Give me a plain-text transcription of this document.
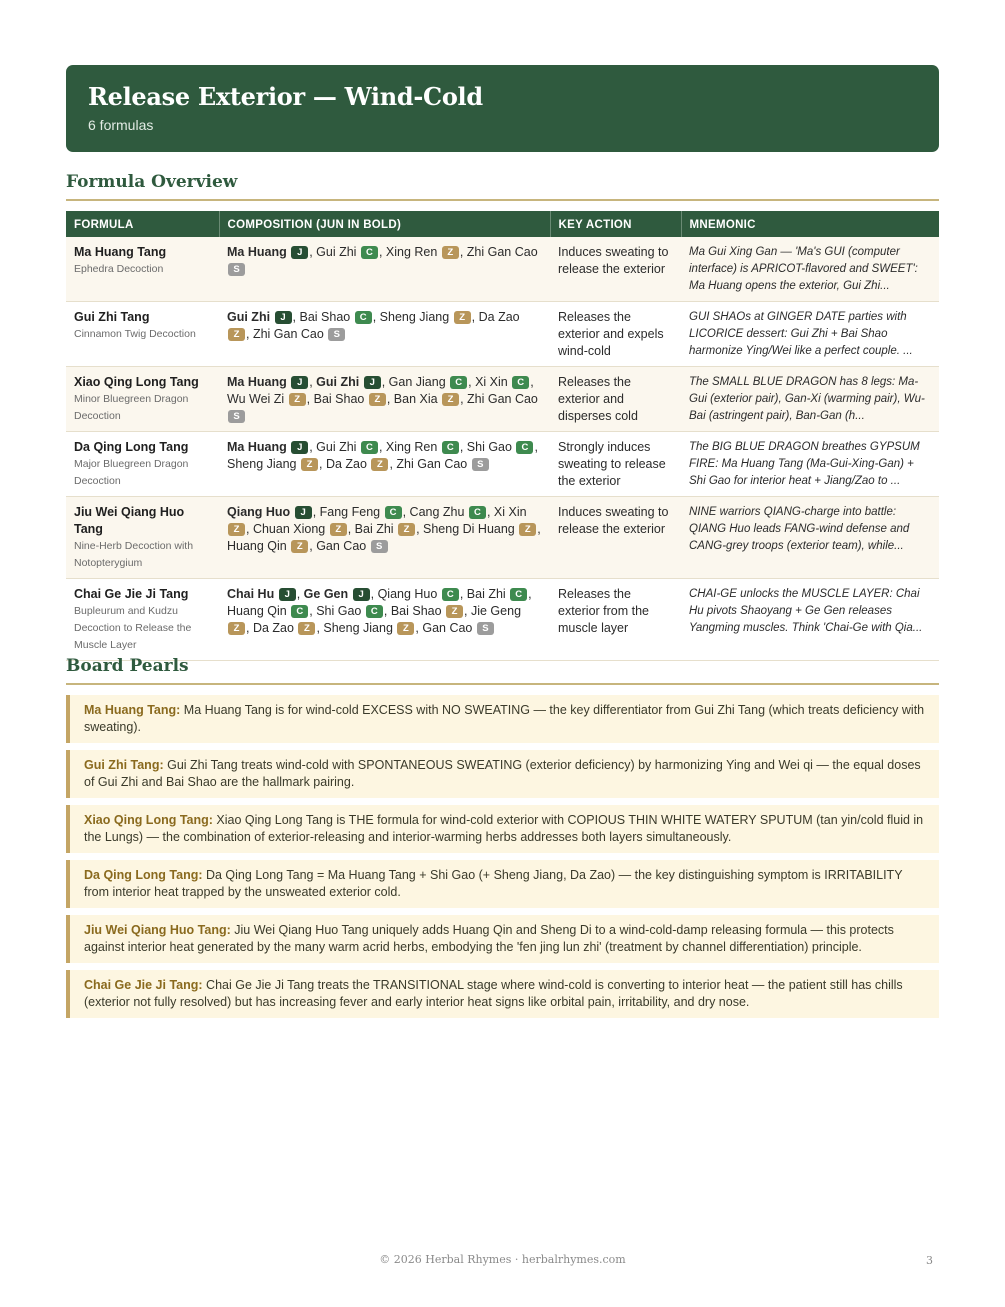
Release Exterior — Wind-Cold
6 formulas
Formula Overview
FORMULA	COMPOSITION (JUN IN BOLD)	KEY ACTION	MNEMONIC

Ma Huang Tang
Ephedra Decoction	Ma Huang J , Gui Zhi C , Xing Ren Z , Zhi Gan Cao S	Induces sweating to release the exterior	Ma Gui Xing Gan — 'Ma's GUI (computer interface) is APRICOT-flavored and SWEET': Ma Huang opens the exterior, Gui Zhi...

Gui Zhi Tang
Cinnamon Twig Decoction	Gui Zhi J , Bai Shao C , Sheng Jiang Z , Da Zao Z , Zhi Gan Cao S	Releases the exterior and expels wind-cold	GUI SHAOs at GINGER DATE parties with LICORICE dessert: Gui Zhi + Bai Shao harmonize Ying/Wei like a perfect couple. ...

Xiao Qing Long Tang
Minor Bluegreen Dragon Decoction	Ma Huang J , Gui Zhi J , Gan Jiang C , Xi Xin C , Wu Wei Zi Z , Bai Shao Z , Ban Xia Z , Zhi Gan Cao S	Releases the exterior and disperses cold	The SMALL BLUE DRAGON has 8 legs: Ma-Gui (exterior pair), Gan-Xi (warming pair), Wu-Bai (astringent pair), Ban-Gan (h...

Da Qing Long Tang
Major Bluegreen Dragon Decoction	Ma Huang J , Gui Zhi C , Xing Ren C , Shi Gao C , Sheng Jiang Z , Da Zao Z , Zhi Gan Cao S	Strongly induces sweating to release the exterior	The BIG BLUE DRAGON breathes GYPSUM FIRE: Ma Huang Tang (Ma-Gui-Xing-Gan) + Shi Gao for interior heat + Jiang/Zao to ...

Jiu Wei Qiang Huo Tang
Nine-Herb Decoction with Notopterygium	Qiang Huo J , Fang Feng C , Cang Zhu C , Xi Xin Z , Chuan Xiong Z , Bai Zhi Z , Sheng Di Huang Z , Huang Qin Z , Gan Cao S	Induces sweating to release the exterior	NINE warriors QIANG-charge into battle: QIANG Huo leads FANG-wind defense and CANG-grey troops (exterior team), while...

Chai Ge Jie Ji Tang
Bupleurum and Kudzu Decoction to Release the Muscle Layer	Chai Hu J , Ge Gen J , Qiang Huo C , Bai Zhi C , Huang Qin C , Shi Gao C , Bai Shao Z , Jie Geng Z , Da Zao Z , Sheng Jiang Z , Gan Cao S	Releases the exterior from the muscle layer	CHAI-GE unlocks the MUSCLE LAYER: Chai Hu pivots Shaoyang + Ge Gen releases Yangming muscles. Think 'Chai-Ge with Qia...
Board Pearls
Ma Huang Tang: Ma Huang Tang is for wind-cold EXCESS with NO SWEATING — the key differentiator from Gui Zhi Tang (which treats deficiency with sweating).
Gui Zhi Tang: Gui Zhi Tang treats wind-cold with SPONTANEOUS SWEATING (exterior deficiency) by harmonizing Ying and Wei qi — the equal doses of Gui Zhi and Bai Shao are the hallmark pairing.
Xiao Qing Long Tang: Xiao Qing Long Tang is THE formula for wind-cold exterior with COPIOUS THIN WHITE WATERY SPUTUM (tan yin/cold fluid in the Lungs) — the combination of exterior-releasing and interior-warming herbs addresses both layers simultaneously.
Da Qing Long Tang: Da Qing Long Tang = Ma Huang Tang + Shi Gao (+ Sheng Jiang, Da Zao) — the key distinguishing symptom is IRRITABILITY from interior heat trapped by the unsweated exterior cold.
Jiu Wei Qiang Huo Tang: Jiu Wei Qiang Huo Tang uniquely adds Huang Qin and Sheng Di to a wind-cold-damp releasing formula — this protects against interior heat generated by the many warm acrid herbs, embodying the 'fen jing lun zhi' (treatment by channel differentiation) principle.
Chai Ge Jie Ji Tang: Chai Ge Jie Ji Tang treats the TRANSITIONAL stage where wind-cold is converting to interior heat — the patient still has chills (exterior not fully resolved) but has increasing fever and early interior heat signs like orbital pain, irritability, and dry nose.
© 2026 Herbal Rhymes · herbalrhymes.com	3
